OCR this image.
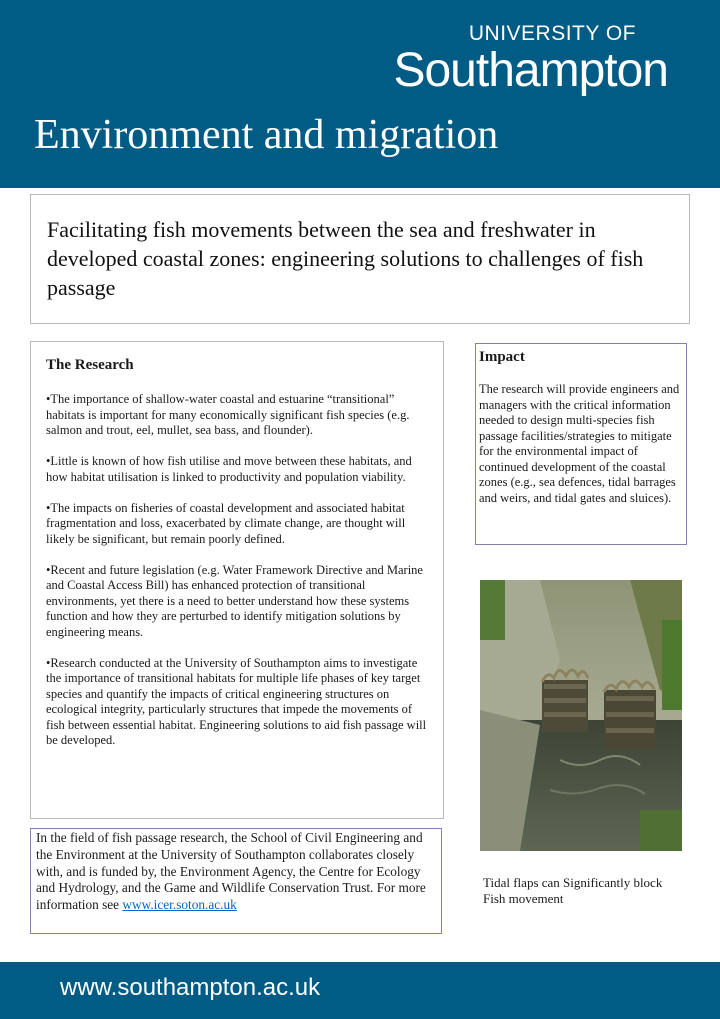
UNIVERSITY OF
Southampton
Environment and migration
Facilitating fish movements between the sea and freshwater in developed coastal zones: engineering solutions to challenges of fish passage
The Research

•The importance of shallow-water coastal and estuarine “transitional” habitats is important for many economically significant fish species (e.g. salmon and trout, eel, mullet, sea bass, and flounder).

•Little is known of how fish utilise and move between these habitats, and how habitat utilisation is linked to productivity and population viability.

•The impacts on fisheries of coastal development and associated habitat fragmentation and loss, exacerbated by climate change, are thought will likely be significant, but remain poorly defined.

•Recent and future legislation (e.g. Water Framework Directive and Marine and Coastal Access Bill) has enhanced protection of transitional environments, yet there is a need to better understand how these systems function and how they are perturbed to identify mitigation solutions by engineering means.

•Research conducted at the University of Southampton aims to investigate the importance of transitional habitats for multiple life phases of key target species and quantify the impacts of critical engineering structures on ecological integrity, particularly structures that impede the movements of fish between essential habitat. Engineering solutions to aid fish passage will be developed.

Impact

The research will provide engineers and managers with the critical information needed to design multi-species fish passage facilities/strategies to mitigate for the environmental impact of continued development of the coastal zones (e.g., sea defences, tidal barrages and weirs, and tidal gates and sluices).

Tidal flaps can Significantly block Fish movement

In the field of fish passage research, the School of Civil Engineering and the Environment at the University of Southampton collaborates closely with, and is funded by, the Environment Agency, the Centre for Ecology and Hydrology, and the Game and Wildlife Conservation Trust. For more information see www.icer.soton.ac.uk

www.southampton.ac.uk
